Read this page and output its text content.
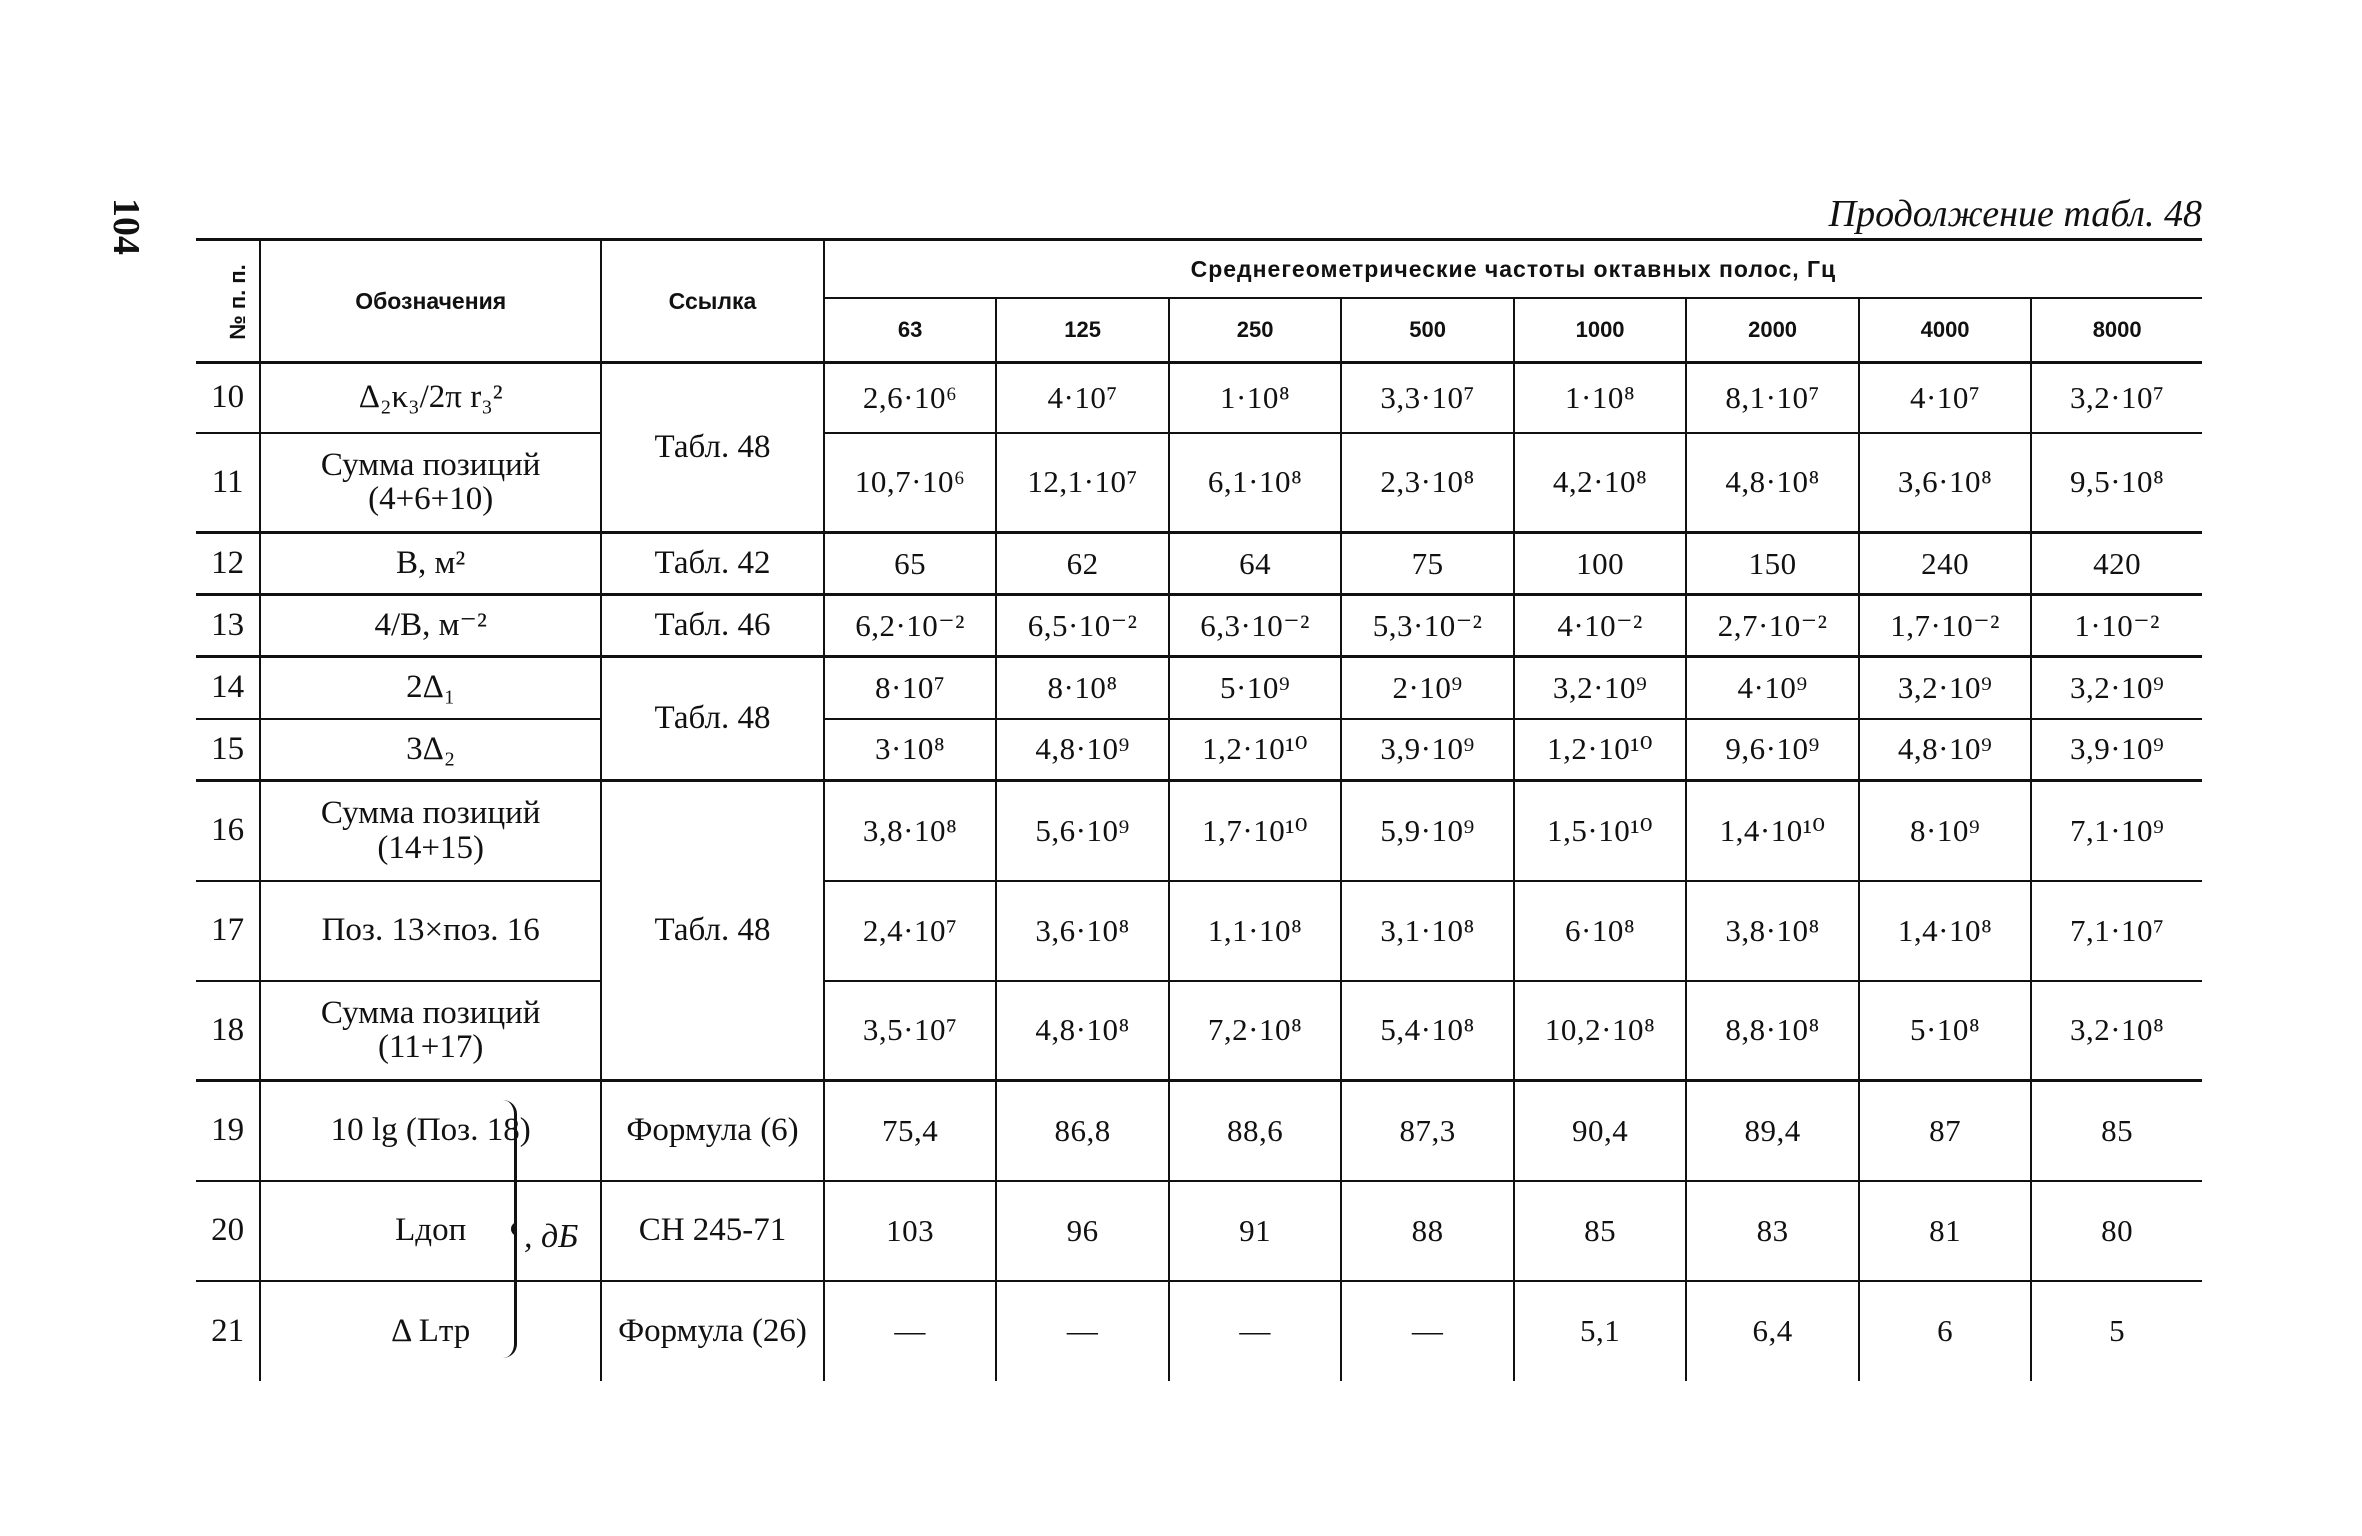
104	Продолжение табл. 48
№ п. п.	Обозначения	Ссылка	Среднегеометрические частоты октавных полос, Гц							
			63	125	250	500	1000	2000	4000	8000
10	Δ₂κ₃/2π r₃²	Табл. 48	2,6·10⁶	4·10⁷	1·10⁸	3,3·10⁷	1·10⁸	8,1·10⁷	4·10⁷	3,2·10⁷
11	Сумма позиций (4+6+10)		10,7·10⁶	12,1·10⁷	6,1·10⁸	2,3·10⁸	4,2·10⁸	4,8·10⁸	3,6·10⁸	9,5·10⁸
12	B, м²	Табл. 42	65	62	64	75	100	150	240	420
13	4/B, м⁻²	Табл. 46	6,2·10⁻²	6,5·10⁻²	6,3·10⁻²	5,3·10⁻²	4·10⁻²	2,7·10⁻²	1,7·10⁻²	1·10⁻²
14	2Δ₁	Табл. 48	8·10⁷	8·10⁸	5·10⁹	2·10⁹	3,2·10⁹	4·10⁹	3,2·10⁹	3,2·10⁹
15	3Δ₂		3·10⁸	4,8·10⁹	1,2·10¹⁰	3,9·10⁹	1,2·10¹⁰	9,6·10⁹	4,8·10⁹	3,9·10⁹
16	Сумма позиций (14+15)	Табл. 48	3,8·10⁸	5,6·10⁹	1,7·10¹⁰	5,9·10⁹	1,5·10¹⁰	1,4·10¹⁰	8·10⁹	7,1·10⁹
17	Поз. 13×поз. 16		2,4·10⁷	3,6·10⁸	1,1·10⁸	3,1·10⁸	6·10⁸	3,8·10⁸	1,4·10⁸	7,1·10⁷
18	Сумма позиций (11+17)		3,5·10⁷	4,8·10⁸	7,2·10⁸	5,4·10⁸	10,2·10⁸	8,8·10⁸	5·10⁸	3,2·10⁸
19	10 lg (Поз. 18)	Формула (6)	75,4	86,8	88,6	87,3	90,4	89,4	87	85
20	Lдоп	СН 245-71	103	96	91	88	85	83	81	80
21	Δ Lтр	Формула (26)	—	—	—	—	5,1	6,4	6	5
, дБ
